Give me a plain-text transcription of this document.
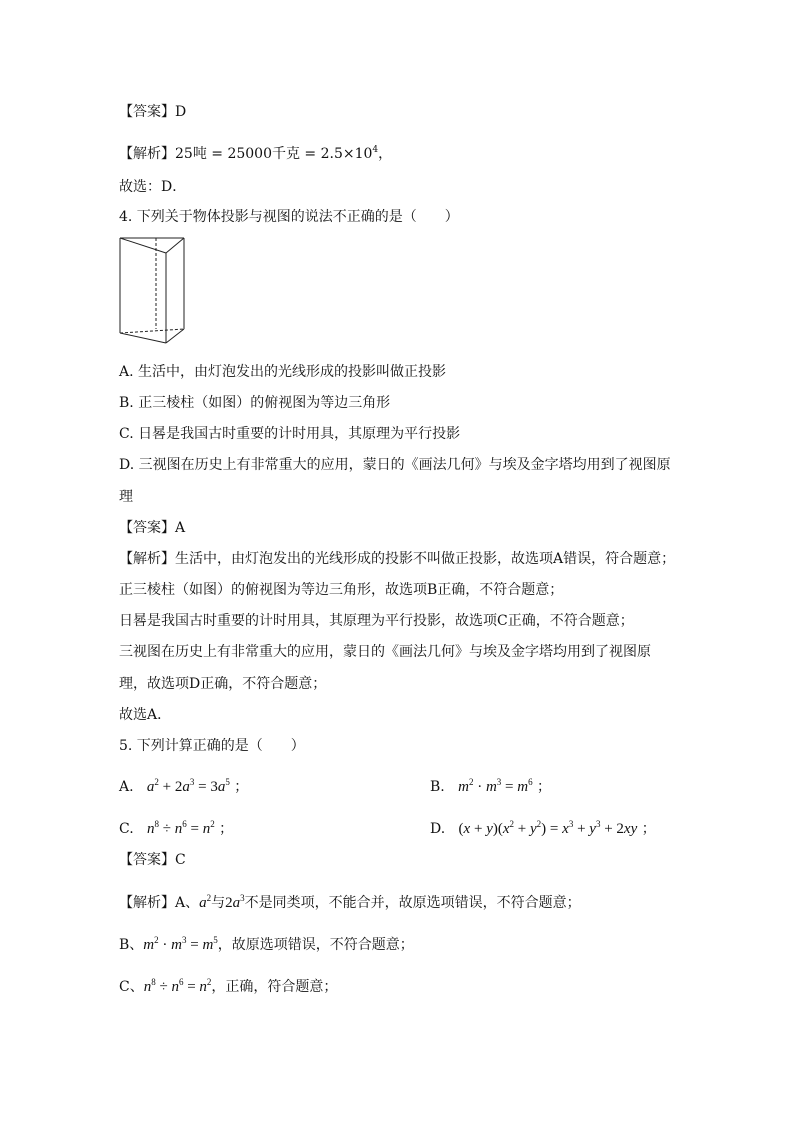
【答案】D
【解析】25吨 = 25000千克 = $2.5\times 10^4$，
故选：D．
4. 下列关于物体投影与视图的说法不正确的是（　　）
A. 生活中，由灯泡发出的光线形成的投影叫做正投影
B. 正三棱柱（如图）的俯视图为等边三角形
C. 日晷是我国古时重要的计时用具，其原理为平行投影
D. 三视图在历史上有非常重大的应用，蒙日的《画法几何》与埃及金字塔均用到了视图原
理
【答案】A
【解析】生活中，由灯泡发出的光线形成的投影不叫做正投影，故选项A错误，符合题意；
正三棱柱（如图）的俯视图为等边三角形，故选项B正确，不符合题意；
日晷是我国古时重要的计时用具，其原理为平行投影，故选项C正确，不符合题意；
三视图在历史上有非常重大的应用，蒙日的《画法几何》与埃及金字塔均用到了视图原
理，故选项D正确，不符合题意；
故选A．
5. 下列计算正确的是（　　）
A. $a^2 + 2a^3 = 3a^5$ ；	B. $m^2 \cdot m^3 = m^6$ ；
C. $n^8 \div n^6 = n^2$ ；	D. $(x + y)(x^2 + y^2) = x^3 + y^3 + 2xy$ ；
【答案】C
【解析】A、$a^2$与$2a^3$不是同类项，不能合并，故原选项错误，不符合题意；
B、$m^2 \cdot m^3 = m^5$，故原选项错误，不符合题意；
C、$n^8 \div n^6 = n^2$，正确，符合题意；
